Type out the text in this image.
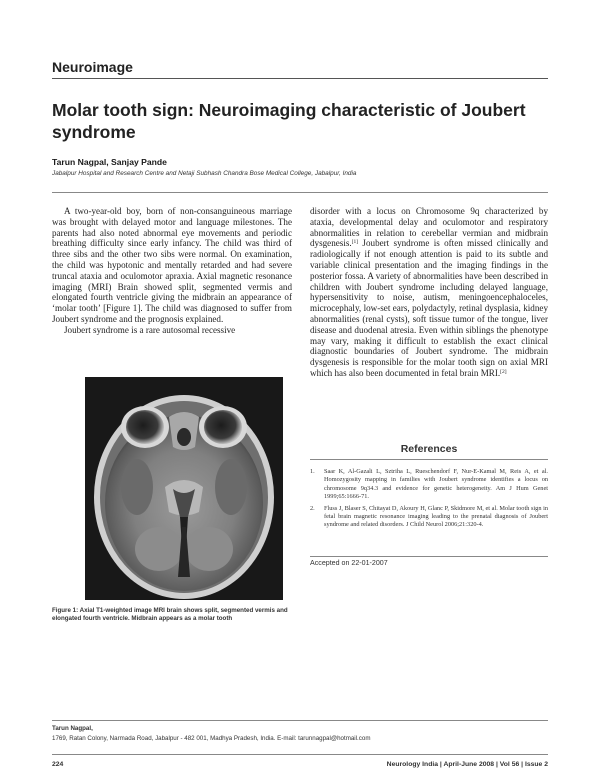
Neuroimage
Molar tooth sign: Neuroimaging characteristic of Joubert syndrome
Tarun Nagpal, Sanjay Pande
Jabalpur Hospital and Research Centre and Netaji Subhash Chandra Bose Medical College, Jabalpur, India

A two-year-old boy, born of non-consanguineous marriage was brought with delayed motor and language milestones. The parents had also noted abnormal eye movements and periodic breathing difficulty since early infancy. The child was third of three sibs and the other two sibs were normal. On examination, the child was hypotonic and mentally retarded and had severe truncal ataxia and oculomotor apraxia. Axial magnetic resonance imaging (MRI) Brain showed split, segmented vermis and elongated fourth ventricle giving the midbrain an appearance of ‘molar tooth’ [Figure 1]. The child was diagnosed to suffer from Joubert syndrome and the prognosis explained.

Joubert syndrome is a rare autosomal recessive

Figure 1: Axial T1-weighted image MRI brain shows split, segmented vermis and elongated fourth ventricle. Midbrain appears as a molar tooth

disorder with a locus on Chromosome 9q characterized by ataxia, developmental delay and oculomotor and respiratory abnormalities in relation to cerebellar vermian and midbrain dysgenesis.[1] Joubert syndrome is often missed clinically and radiologically if not enough attention is paid to its subtle and variable clinical presentation and the imaging findings in the posterior fossa. A variety of abnormalities have been described in children with Joubert syndrome including delayed language, hypersensitivity to noise, autism, meningoencephaloceles, microcephaly, low-set ears, polydactyly, retinal dysplasia, kidney abnormalities (renal cysts), soft tissue tumor of the tongue, liver disease and duodenal atresia. Even within siblings the phenotype may vary, making it difficult to establish the exact clinical diagnostic boundaries of Joubert syndrome. The midbrain dysgenesis is responsible for the molar tooth sign on axial MRI which has also been documented in fetal brain MRI.[2]

References
1.	Saar K, Al-Gazali L, Sztriha L, Rueschendorf F, Nur-E-Kamal M, Reis A, et al. Homozygosity mapping in families with Joubert syndrome identifies a locus on chromosome 9q34.3 and evidence for genetic heterogeneity. Am J Hum Genet 1999;65:1666-71.
2.	Fluss J, Blaser S, Chitayat D, Akoury H, Glanc P, Skidmore M, et al. Molar tooth sign in fetal brain magnetic resonance imaging leading to the prenatal diagnosis of Joubert syndrome and related disorders. J Child Neurol 2006;21:320-4.
Accepted on 22-01-2007
Tarun Nagpal,
1769, Ratan Colony, Narmada Road, Jabalpur - 482 001, Madhya Pradesh, India. E-mail: tarunnagpal@hotmail.com
224	Neurology India | April-June 2008 | Vol 56 | Issue 2
